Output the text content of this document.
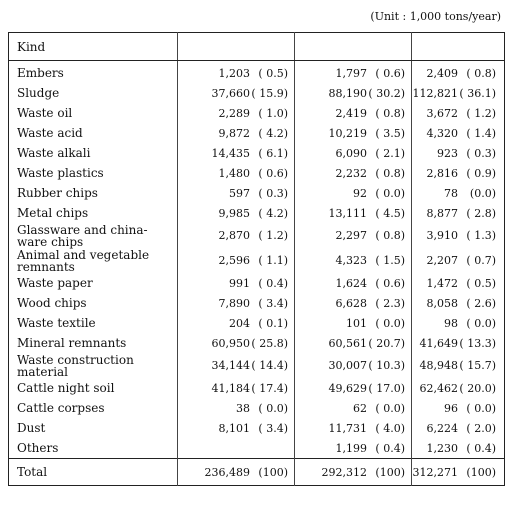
(Unit : 1,000 tons/year)
Kind			
Embers	1,203 ( 0.5)	1,797 ( 0.6)	2,409 ( 0.8)
Sludge	37,660( 15.9)	88,190( 30.2)	112,821( 36.1)
Waste oil	2,289 ( 1.0)	2,419 ( 0.8)	3,672 ( 1.2)
Waste acid	9,872 ( 4.2)	10,219 ( 3.5)	4,320 ( 1.4)
Waste alkali	14,435 ( 6.1)	6,090 ( 2.1)	923 ( 0.3)
Waste plastics	1,480 ( 0.6)	2,232 ( 0.8)	2,816 ( 0.9)
Rubber chips	597 ( 0.3)	92 ( 0.0)	78 (0.0)
Metal chips	9,985 ( 4.2)	13,111 ( 4.5)	8,877 ( 2.8)
Glassware and china-ware chips	2,870 ( 1.2)	2,297 ( 0.8)	3,910 ( 1.3)
Animal and vegetable remnants	2,596 ( 1.1)	4,323 ( 1.5)	2,207 ( 0.7)
Waste paper	991 ( 0.4)	1,624 ( 0.6)	1,472 ( 0.5)
Wood chips	7,890 ( 3.4)	6,628 ( 2.3)	8,058 ( 2.6)
Waste textile	204 ( 0.1)	101 ( 0.0)	98 ( 0.0)
Mineral remnants	60,950( 25.8)	60,561( 20.7)	41,649( 13.3)
Waste construction material	34,144( 14.4)	30,007( 10.3)	48,948( 15.7)
Cattle night soil	41,184( 17.4)	49,629( 17.0)	62,462( 20.0)
Cattle corpses	38 ( 0.0)	62 ( 0.0)	96 ( 0.0)
Dust	8,101 ( 3.4)	11,731 ( 4.0)	6,224 ( 2.0)
Others		1,199 ( 0.4)	1,230 ( 0.4)
Total	236,489 (100)	292,312 (100)	312,271 (100)
